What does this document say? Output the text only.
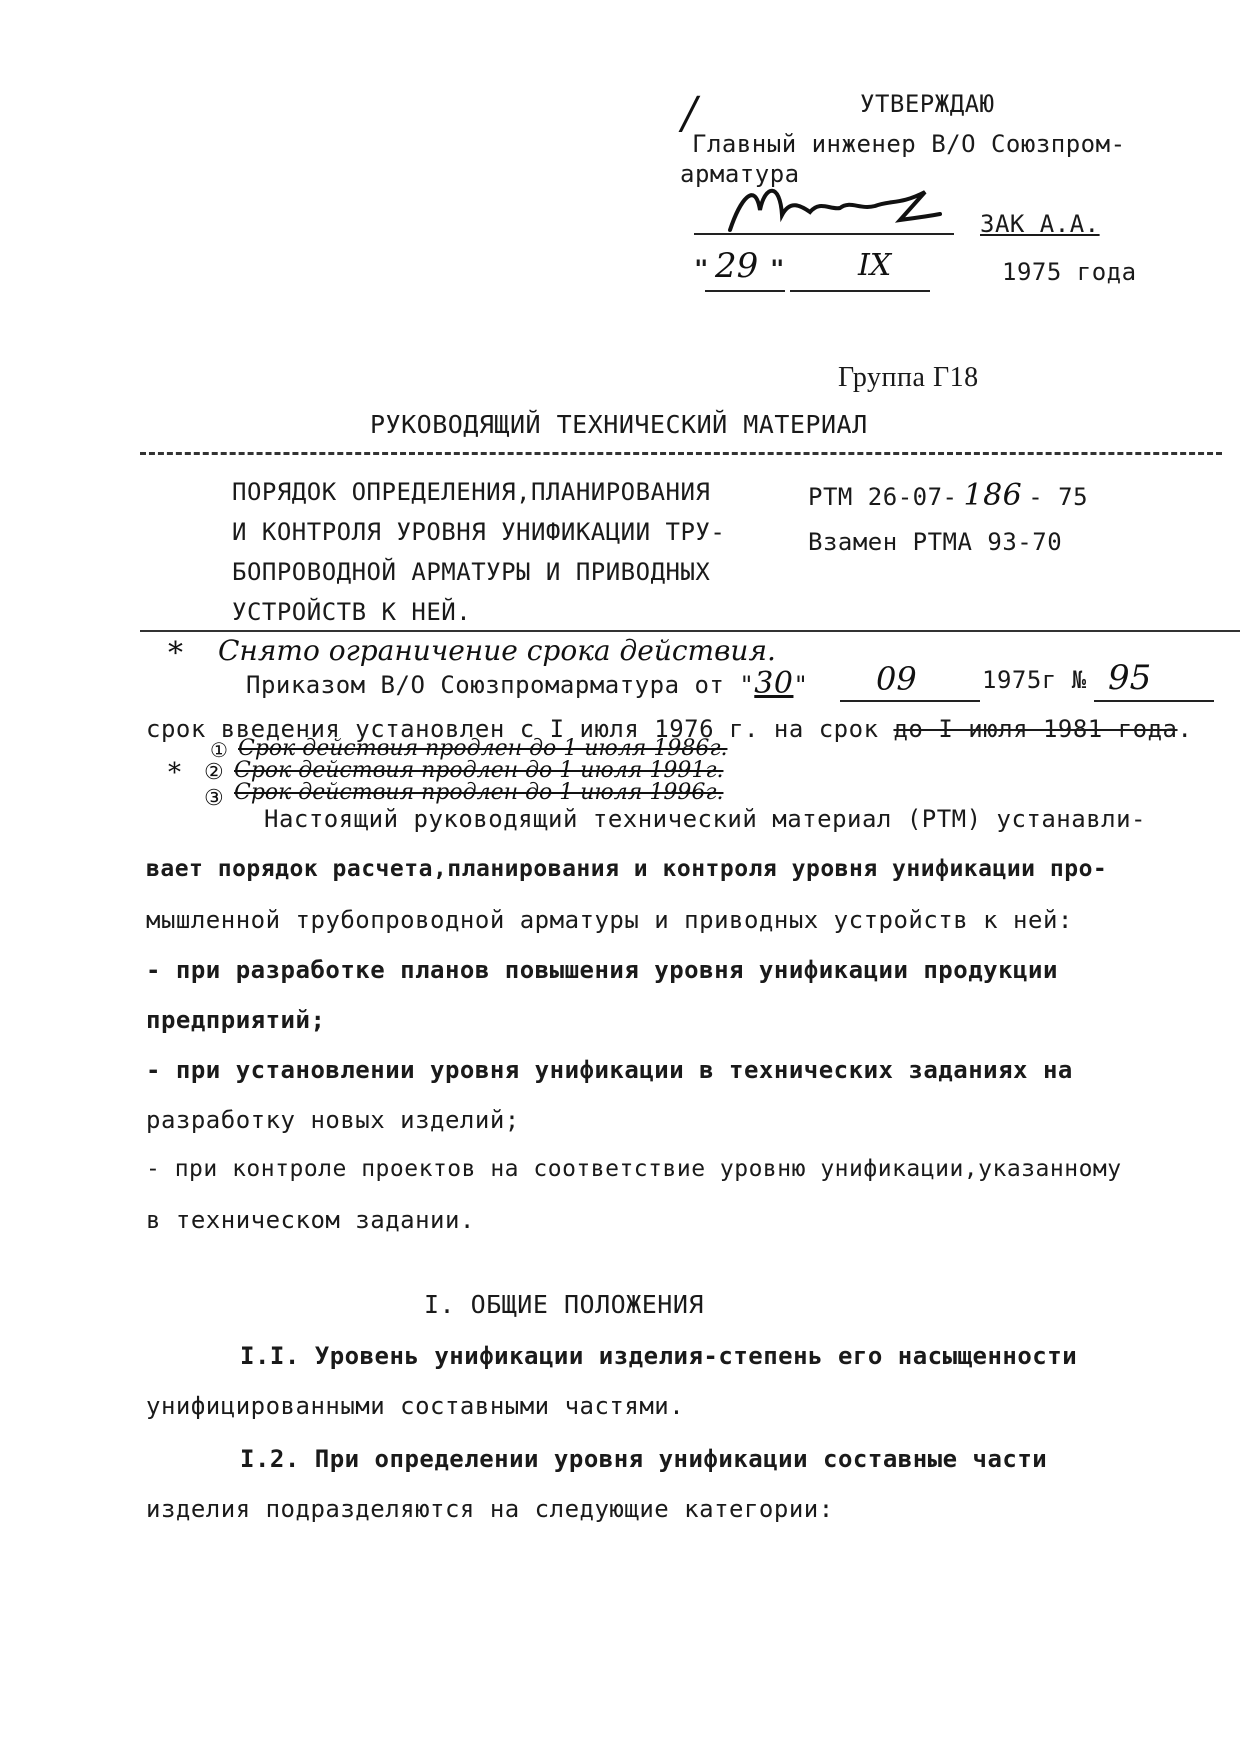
УТВЕРЖДАЮ
/
Главный инженер В/О Союзпром-
арматура
ЗАК А.А.
" 29 " IX	1975 года
Группа Г18
РУКОВОДЯЩИЙ ТЕХНИЧЕСКИЙ МАТЕРИАЛ
ПОРЯДОК ОПРЕДЕЛЕНИЯ,ПЛАНИРОВАНИЯ
И КОНТРОЛЯ УРОВНЯ УНИФИКАЦИИ ТРУ-
БОПРОВОДНОЙ АРМАТУРЫ И ПРИВОДНЫХ
УСТРОЙСТВ К НЕЙ.
РТМ 26-07- 186 - 75
Взамен РТМА 93-70
* Снято ограничение срока действия.
Приказом В/О Союзпромарматура от "30" 09	1975г № 95
срок введения установлен с I июля 1976 г. на срок до I июля 1981 года.
① Срок действия продлен до 1 июля 1986г.
* ② Срок действия продлен до 1 июля 1991г.
③ Срок действия продлен до 1 июля 1996г.
Настоящий руководящий технический материал (РТМ) устанавли-
вает порядок расчета,планирования и контроля уровня унификации про-
мышленной трубопроводной арматуры и приводных устройств к ней:
- при разработке планов повышения уровня унификации продукции
предприятий;
- при установлении уровня унификации в технических заданиях на
разработку новых изделий;
- при контроле проектов на соответствие уровню унификации,указанному
в техническом задании.
I. ОБЩИЕ ПОЛОЖЕНИЯ
I.I. Уровень унификации изделия-степень его насыщенности
унифицированными составными частями.
I.2. При определении уровня унификации составные части
изделия подразделяются на следующие категории:
